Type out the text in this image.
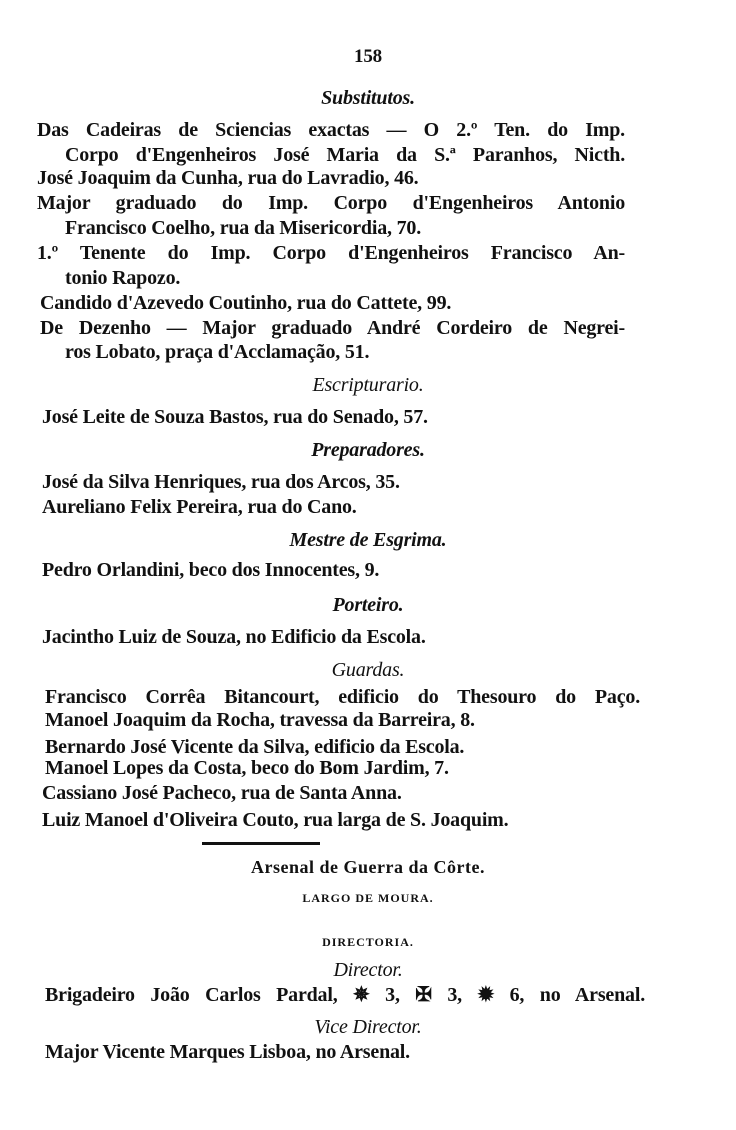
158
Substitutos.
Das Cadeiras de Sciencias exactas — O 2.º Ten. do Imp.
Corpo d'Engenheiros José Maria da S.ª Paranhos, Nicth.
José Joaquim da Cunha, rua do Lavradio, 46.
Major graduado do Imp. Corpo d'Engenheiros Antonio
Francisco Coelho, rua da Misericordia, 70.
1.º Tenente do Imp. Corpo d'Engenheiros Francisco An-
tonio Rapozo.
Candido d'Azevedo Coutinho, rua do Cattete, 99.
De Dezenho — Major graduado André Cordeiro de Negrei-
ros Lobato, praça d'Acclamação, 51.
Escripturario.
José Leite de Souza Bastos, rua do Senado, 57.
Preparadores.
José da Silva Henriques, rua dos Arcos, 35.
Aureliano Felix Pereira, rua do Cano.
Mestre de Esgrima.
Pedro Orlandini, beco dos Innocentes, 9.
Porteiro.
Jacintho Luiz de Souza, no Edificio da Escola.
Guardas.
Francisco Corrêa Bitancourt, edificio do Thesouro do Paço.
Manoel Joaquim da Rocha, travessa da Barreira, 8.
Bernardo José Vicente da Silva, edificio da Escola.
Manoel Lopes da Costa, beco do Bom Jardim, 7.
Cassiano José Pacheco, rua de Santa Anna.
Luiz Manoel d'Oliveira Couto, rua larga de S. Joaquim.
Arsenal de Guerra da Côrte.
LARGO DE MOURA.
DIRECTORIA.
Director.
Brigadeiro João Carlos Pardal, ✵ 3, ✠ 3, ✹ 6, no Arsenal.
Vice Director.
Major Vicente Marques Lisboa, no Arsenal.
